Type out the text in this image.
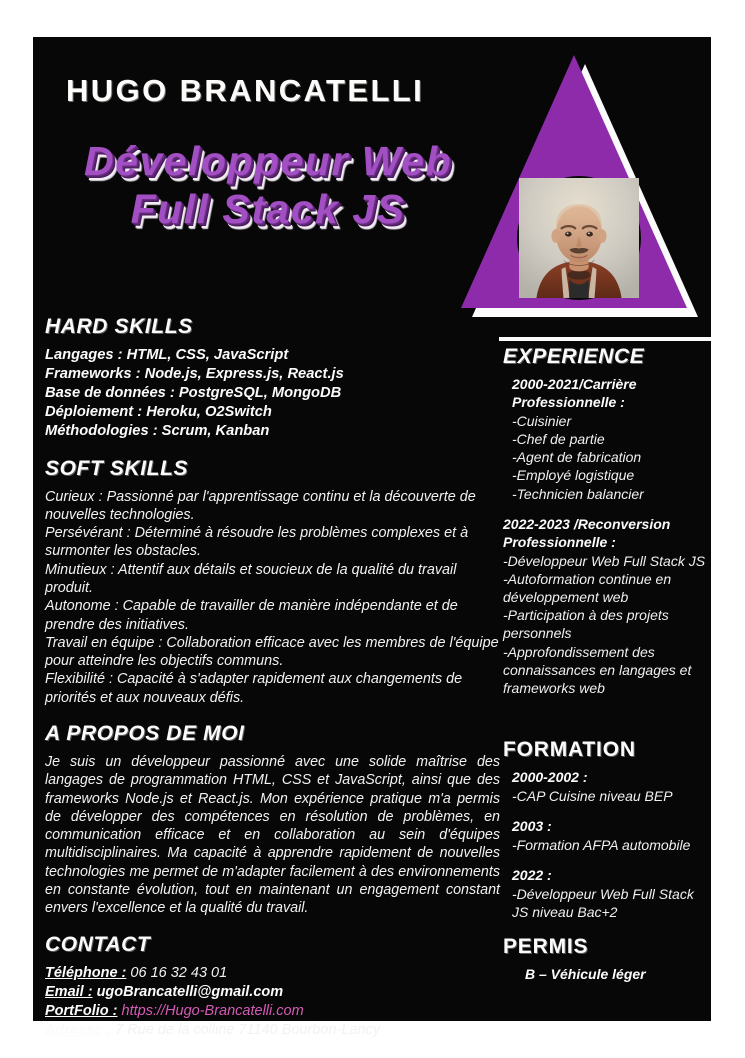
HUGO BRANCATELLI
Développeur Web
Full Stack JS
HARD SKILLS
Langages : HTML, CSS, JavaScript
Frameworks : Node.js, Express.js, React.js
Base de données : PostgreSQL, MongoDB
Déploiement : Heroku, O2Switch
Méthodologies : Scrum, Kanban
SOFT SKILLS

Curieux : Passionné par l'apprentissage continu et la découverte de nouvelles technologies.

Persévérant : Déterminé à résoudre les problèmes complexes et à surmonter les obstacles.

Minutieux : Attentif aux détails et soucieux de la qualité du travail produit.

Autonome : Capable de travailler de manière indépendante et de prendre des initiatives.

Travail en équipe : Collaboration efficace avec les membres de l'équipe pour atteindre les objectifs communs.

Flexibilité : Capacité à s'adapter rapidement aux changements de priorités et aux nouveaux défis.

A PROPOS DE MOI

Je suis un développeur passionné avec une solide maîtrise des langages de programmation HTML, CSS et JavaScript, ainsi que des frameworks Node.js et React.js. Mon expérience pratique m'a permis de développer des compétences en résolution de problèmes, en communication efficace et en collaboration au sein d'équipes multidisciplinaires. Ma capacité à apprendre rapidement de nouvelles technologies me permet de m'adapter facilement à des environnements en constante évolution, tout en maintenant un engagement constant envers l'excellence et la qualité du travail.

CONTACT
Téléphone : 06 16 32 43 01
Email : ugoBrancatelli@gmail.com
PortFolio : https://Hugo-Brancatelli.com
Adresse : 7 Rue de la colline 71140 Bourbon-Lancy
EXPERIENCE
2000-2021/Carrière
Professionnelle :
-Cuisinier
-Chef de partie
-Agent de fabrication
-Employé logistique
-Technicien balancier
2022-2023 /Reconversion
Professionnelle :
-Développeur Web Full Stack JS
-Autoformation continue en développement web
-Participation à des projets personnels
-Approfondissement des connaissances en langages et frameworks web
FORMATION
2000-2002 :
-CAP Cuisine niveau BEP
2003 :
-Formation AFPA automobile
2022 :
-Développeur Web Full Stack JS niveau Bac+2
PERMIS
B – Véhicule léger
